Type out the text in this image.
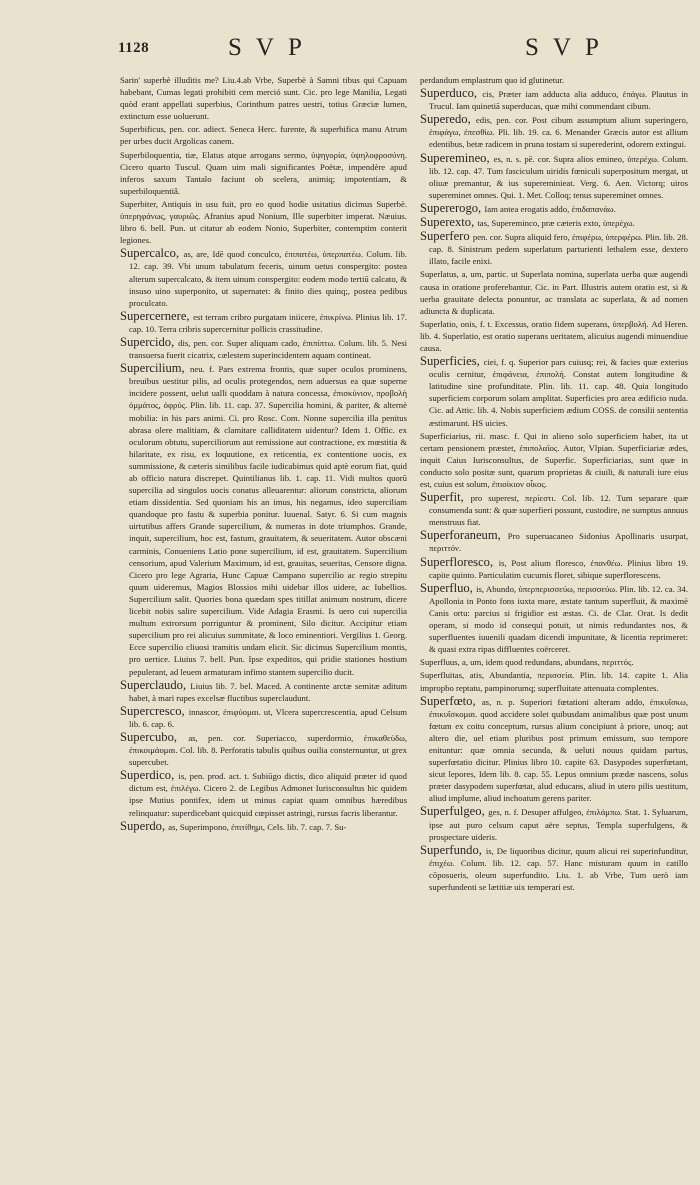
1128	SVP	SVP

Sarin' superbè illuditis me? Liu.4.ab Vrbe, Superbè à Samni tibus qui Capuam habebant, Cumas legati prohibiti cem merció sunt. Cic. pro lege Manilia, Legati quòd erant appellati superbius, Corinthum patres uestri, totius Græciæ lumen, extinctum esse uoluerunt.

Superbificus, pen. cor. adiect. Seneca Herc. furente, & superbifica manu Atrum per urbes ducit Argolicas canem.

Superbiloquentia, tiæ, Elatus atque arrogans sermo, ὑψηγορία, ὑψηλοφροσύνη. Cicero quarto Tuscul. Quam uim mali significantes Poëtæ, impendère apud inferos saxum Tantalo faciunt ob scelera, animiq; impotentiam, & superbiloquentiâ.

Superbiter, Antiquis in usu fuit, pro eo quod hodie usitatius dicimus Superbè. ὑπερηφάνως, γαυριῶς. Afranius apud Nonium, Ille superbiter imperat. Næuius. libro 6. bell. Pun. ut citatur ab eodem Nonio, Superbiter, contemptim conterit legiones.

Supercalco, as, are, Idē quod conculco, ἐπιπατέω, ὑπερπατέω. Colum. lib. 12. cap. 39. Vbi unum tabulatum feceris, uinum uetus conspergito: postea alterum supercalcato, & item uinum conspergito: eodem modo tertiū calcato, & insuso uino superponito, ut supernatet: & finito dies quinq;, postea pedibus proculcato.

Supercernere, est terram cribro purgatam iniicere, ἐπικρίνω. Plinius lib. 17. cap. 10. Terra cribris supercernitur pollicis crassitudine.

Supercido, dis, pen. cor. Super aliquam cado, ἐπιπίπτω. Colum. lib. 5. Nesi transuersa fuerit cicatrix, cælestem superincidentem aquam contineat.

Supercilium, neu. f. Pars extrema frontis, quæ super oculos prominens, breuibus uestitur pilis, ad oculis protegendos, nem aduersus ea quæ superne incidere possent, uelut ualli quoddam à natura concessa, ἐπισκύνιον, προβολὴ ὀμμάτος, ὀφρύς. Plin. lib. 11. cap. 37. Supercilia homini, & pariter, & alternè mobilia: in his pars animi. Ci. pro Rosc. Com. Nonne supercilia illa penitus abrasa olere malitiam, & clamitare calliditatem uidentur? Idem 1. Offic. ex oculorum obtutu, superciliorum aut remissione aut contractione, ex mœstitia & hilaritate, ex risu, ex loquutione, ex reticentia, ex contentione uocis, ex summissione, & cæteris similibus facile iudicabimus quid aptè eorum fiat, quid ab officio natura discrepet. Quintilianus lib. 1. cap. 11. Vidi multos quorū supercilia ad singulos uocis conatus alleuarentur: aliorum constricta, aliorum etiam dissidentia. Sed quoniam his an imus, his negamus, ideo superciliam quandoque pro fastu & superbia ponitur. Iuuenal. Satyr. 6. Si cum magnis uirtutibus affers Grande supercilium, & numeras in dote triumphos. Grande, inquit, supercilium, hoc est, fastum, grauitatem, & seueritatem. Autor obscæni carminis, Conueniens Latio pone supercilium, id est, grauitatem. Supercilium censorium, apud Valerium Maximum, id est, grauitas, seueritas, Censore digna. Cicero pro lege Agraria, Hunc Capuæ Campano supercilio ac regio strepitu quum uideremus, Magios Blossios mihi uidebar illos uidere, ac Iubellios. Supercilium salit. Quories bona quædam spes titillat animum nostrum, dicere licebit nobis salire supercilium. Vide Adagia Erasmi. Is uero cui supercilia multum extrorsum porriguntur & prominent, Silo dicitur. Accipitur etiam supercilium pro rei alicuius summitate, & loco eminentiori. Vergilius 1. Georg. Ecce supercilio cliuosi tramitis undam elicit. Sic dicimus Supercilium montis, pro uertice. Liuius 7. bell. Pun. Ipse expeditos, qui pridie stationes hostium pepulerant, ad leuem armaturam infimo stantem supercilio ducit.

Superclaudo, Liuius lib. 7. bel. Maced. A continente arctæ semitæ aditum habet, à mari rupes excelsæ fluctibus superclaudunt.

Supercresco, innascor, ἐπιφύομαι. ut, Vlcera supercrescentia, apud Celsum lib. 6. cap. 6.

Supercubo, as, pen. cor. Superiacco, superdormio, ἐπικαθεύδω, ἐπικοιμάομαι. Col. lib. 8. Perforatis tabulis quibus ouilia consternuntur, ut grex supercubet.

Superdico, is, pen. prod. act. t. Subiūgo dictis, dico aliquid præter id quod dictum est, ἐπιλέγω. Cicero 2. de Legibus Admonet Iurisconsultus hic quidem ipse Mutius pontifex, idem ut minus capiat quam omnibus hæredibus relinquatur: superdicebant quicquid cœpisset astringi, rursus facris liberantur.

Superdo, as, Superimpono, ἐπιτίθημι, Cels. lib. 7. cap. 7. Su-

perdandum emplastrum quo id glutinetur.

Superduco, cis, Præter iam adducta alia adduco, ἐπάγω. Plautus in Trucul. Iam quinetiā superducas, quæ mihi commendant cibum.

Superedo, edis, pen. cor. Post cibum assumptum alium superingero, ἐπιφάγω, ἐπεσθίω. Pli. lib. 19. ca. 6. Menander Græcis autor est allium edentibus, betæ radicem in pruna tostam si superederint, odorem extingui.

Superemineo, es, n. s. pē. cor. Supra alios emineo, ὑπερέχω. Colum. lib. 12. cap. 47. Tum fasciculum uiridis fœniculi superpositum mergat, ut oliuæ premantur, & ius supereminieat. Verg. 6. Aen. Victorq; uiros supereminet omnes. Qui. 1. Met. Colloq; tenus supereminet omnes.

Supererogo, Iam antea erogatis addo, ἐπιδαπανάω.

Superexto, tas, Supereminco, præ cæteris exto, ὑπερέχω.

Superfero pen. cor. Supra aliquid fero, ἐπιφέρω, ὑπερφέρω. Plin. lib. 28. cap. 8. Sinistrum pedem superlatum parturienti lethalem esse, dextero illato, facile enixi.

Superlatus, a, um, partic. ut Superlata nomina, superlata uerba quæ augendi causa in oratione proferebantur. Cic. in Part. Illustris autem oratio est, si & uerba grauitate delecta ponuntur, ac translata ac superlata, & ad nomen adiuncta & duplicata.

Superlatio, onis, f. t. Excessus, oratio fidem superans, ὑπερβολή. Ad Heren. lib. 4. Superlatio, est oratio superans ueritatem, alicuius augendi minuendiue causa.

Superficies, ciei, f. q. Superior pars cuiusq; rei, & facies quæ exterius oculis cernitur, ἐπιφάνεια, ἐπιπολή. Constat autem longitudine & latitudine sine profunditate. Plin. lib. 11. cap. 48. Quia longitudo superficiem corporum solam amplitat. Superficies pro area ædificio nuda. Cic. ad Attic. lib. 4. Nobis superficiem ædium COSS. de consilii sententia æstimarunt. HS uicies.

Superficiarius, rii. masc. f. Qui in alieno solo superficiem habet, ita ut certam pensionem præstet, ἐπιπολαῖος. Autor, Vlpian. Superficiariæ ædes, inquit Caius Iurisconsultus, de Superfic. Superficiarias, sunt quæ in conducto solo positæ sunt, quarum proprietas & ciuili, & naturali iure eius est, cuius est solum, ἐπιοίκιον οἶκος.

Superfit, pro superest, περίεστι. Col. lib. 12. Tum separare quæ consumenda sunt: & quæ superfieri possunt, custodire, ne sumptus annuus menstruus fiat.

Superforaneum, Pro superuacaneo Sidonius Apollinaris usurpat, περιττόν.

Superfloresco, is, Post alium floresco, ἐπανθέω. Plinius libro 19. capite quinto. Particulatim cucumis floret, sibique superflorescens.

Superfluo, is, Abundo, ὑπερπερισσεύω, περισσεύω. Plin. lib. 12. ca. 34. Apollonia in Ponto fons iuxta mare, æstate tantum superfluit, & maximè Canis ortu: parcius si frigidior est æstas. Ci. de Clar. Orat. Is dedit operam, si modo id consequi potuit, ut nimis redundantes nos, & superfluentes iuuenili quadam dicendi impunitate, & licentia reprimeret: & quasi extra ripas diffluentes coërceret.

Superfluus, a, um, idem quod redundans, abundans, περιττός.

Superfluitas, atis, Abundantia, περισσεία. Plin. lib. 14. capite 1. Alia impropbo reptatu, pampinorumq; superfluitate attenuata complentes.

Superfœto, as, n. p. Superiori fœtationi alteram addo, ἐπικυΐσκω, ἐπικυΐσκομαι. quod accidere solet quibusdam animalibus quæ post unum fœtum ex coitu conceptum, rursus alium concipiunt à priore, unoq; aut altero die, uel etiam pluribus post primum emissum, suo tempore enituntur: quæ omnia secunda, & ueluti nouus quidam partus, superfœtatio dicitur. Plinius libro 10. capite 63. Dasypodes superfœtant, sicut lepores, Idem lib. 8. cap. 55. Lepus omnium prædæ nascens, solus præter dasypodem superfœtat, alud educans, aliud in utero pilis uestitum, aliud implume, aliud inchoatum gerens pariter.

Superfulgeo, ges, n. f. Desuper affulgeo, ἐπιλάμπω. Stat. 1. Syluarum, ipse aut puro celsum caput aëre septus, Templa superfulgens, & prospectare uideris.

Superfundo, is, De liquoribus dicitur, quum alicui rei superinfunditur, ἐπιχέω. Colum. lib. 12. cap. 57. Hanc misturam quum in catillo cōposueris, oleum superfundito. Liu. 1. ab Vrbe, Tum uerò iam superfundenti se lætitiæ uix temperari est.
